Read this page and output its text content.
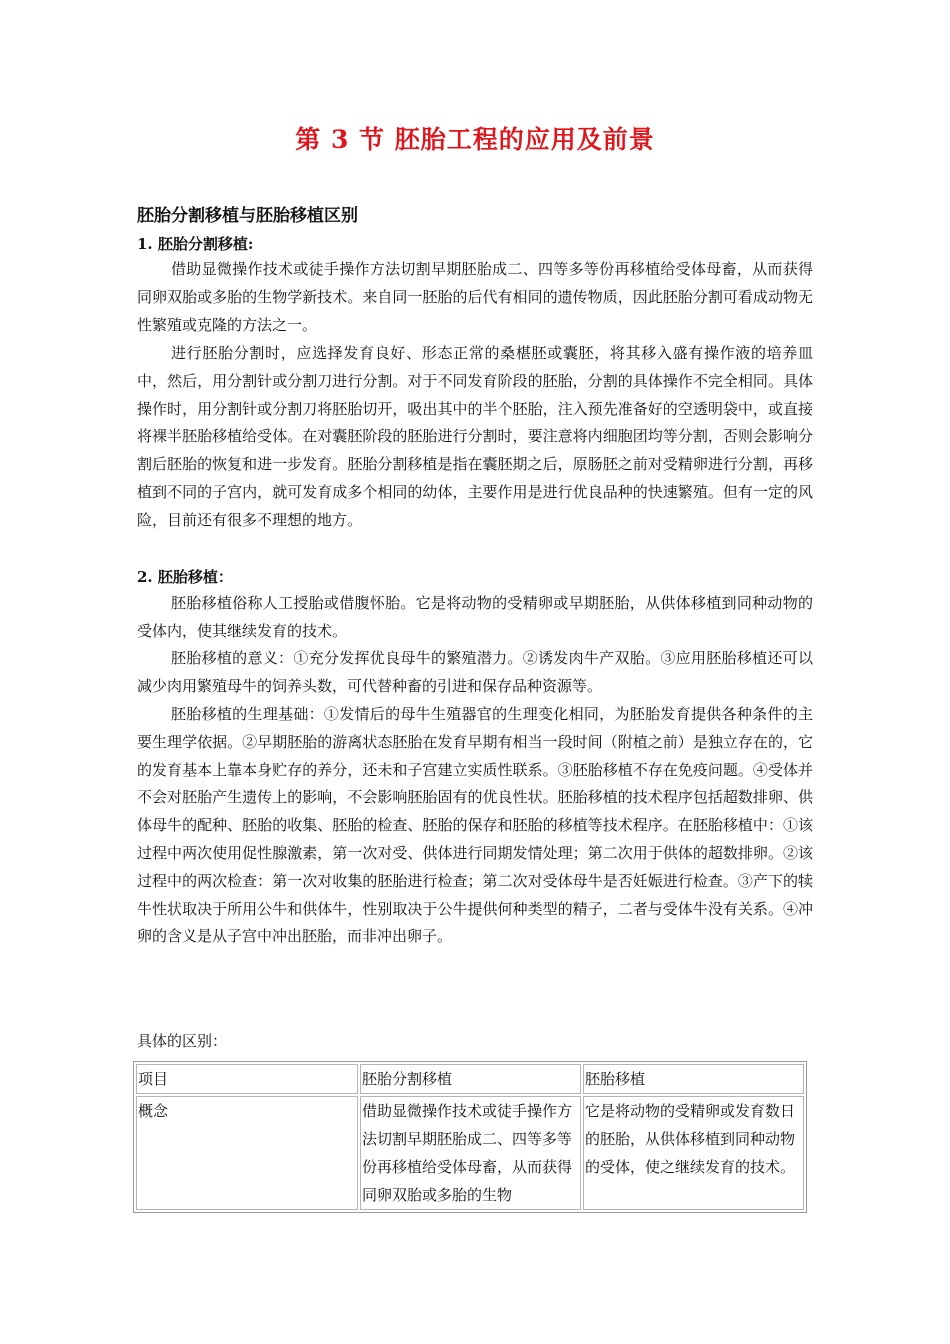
第 3 节 胚胎工程的应用及前景
胚胎分割移植与胚胎移植区别
1. 胚胎分割移植:

借助显微操作技术或徒手操作方法切割早期胚胎成二、四等多等份再移植给受体母畜，从而获得同卵双胎或多胎的生物学新技术。来自同一胚胎的后代有相同的遗传物质，因此胚胎分割可看成动物无性繁殖或克隆的方法之一。

进行胚胎分割时，应选择发育良好、形态正常的桑椹胚或囊胚，将其移入盛有操作液的培养皿中，然后，用分割针或分割刀进行分割。对于不同发育阶段的胚胎，分割的具体操作不完全相同。具体操作时，用分割针或分割刀将胚胎切开，吸出其中的半个胚胎，注入预先准备好的空透明袋中，或直接将裸半胚胎移植给受体。在对囊胚阶段的胚胎进行分割时，要注意将内细胞团均等分割，否则会影响分割后胚胎的恢复和进一步发育。胚胎分割移植是指在囊胚期之后，原肠胚之前对受精卵进行分割，再移植到不同的子宫内，就可发育成多个相同的幼体，主要作用是进行优良品种的快速繁殖。但有一定的风险，目前还有很多不理想的地方。

2. 胚胎移植：

胚胎移植俗称人工授胎或借腹怀胎。它是将动物的受精卵或早期胚胎，从供体移植到同种动物的受体内，使其继续发育的技术。

胚胎移植的意义：①充分发挥优良母牛的繁殖潜力。②诱发肉牛产双胎。③应用胚胎移植还可以减少肉用繁殖母牛的饲养头数，可代替种畜的引进和保存品种资源等。

胚胎移植的生理基础：①发情后的母牛生殖器官的生理变化相同，为胚胎发育提供各种条件的主要生理学依据。②早期胚胎的游离状态胚胎在发育早期有相当一段时间（附植之前）是独立存在的，它的发育基本上靠本身贮存的养分，还未和子宫建立实质性联系。③胚胎移植不存在免疫问题。④受体并不会对胚胎产生遗传上的影响，不会影响胚胎固有的优良性状。胚胎移植的技术程序包括超数排卵、供体母牛的配种、胚胎的收集、胚胎的检查、胚胎的保存和胚胎的移植等技术程序。在胚胎移植中：①该过程中两次使用促性腺激素，第一次对受、供体进行同期发情处理；第二次用于供体的超数排卵。②该过程中的两次检查：第一次对收集的胚胎进行检查；第二次对受体母牛是否妊娠进行检查。③产下的犊牛性状取决于所用公牛和供体牛，性别取决于公牛提供何种类型的精子，二者与受体牛没有关系。④冲卵的含义是从子宫中冲出胚胎，而非冲出卵子。

具体的区别：
项目	胚胎分割移植	胚胎移植
概念	借助显微操作技术或徒手操作方法切割早期胚胎成二、四等多等份再移植给受体母畜，从而获得同卵双胎或多胎的生物	它是将动物的受精卵或发育数日的胚胎，从供体移植到同种动物的受体，使之继续发育的技术。
